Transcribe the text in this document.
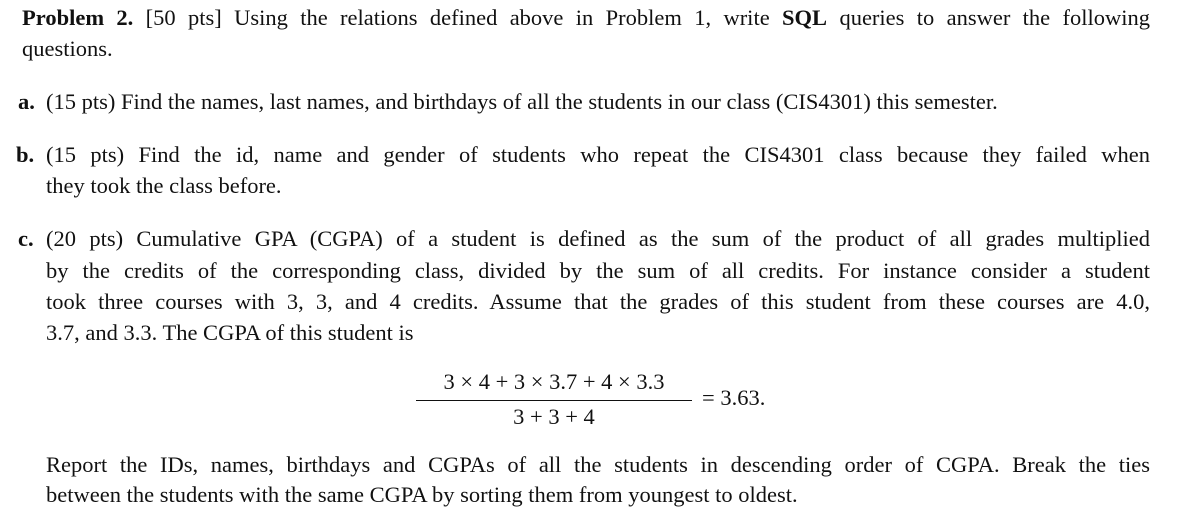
Problem 2. [50 pts] Using the relations defined above in Problem 1, write SQL queries to answer the following
questions.
a. (15 pts) Find the names, last names, and birthdays of all the students in our class (CIS4301) this semester.
b. (15 pts) Find the id, name and gender of students who repeat the CIS4301 class because they failed when
they took the class before.
c. (20 pts) Cumulative GPA (CGPA) of a student is defined as the sum of the product of all grades multiplied
by the credits of the corresponding class, divided by the sum of all credits. For instance consider a student
took three courses with 3, 3, and 4 credits. Assume that the grades of this student from these courses are 4.0,
3.7, and 3.3. The CGPA of this student is
3 × 4 + 3 × 3.7 + 4 × 3.3
3 + 3 + 4
= 3.63.
Report the IDs, names, birthdays and CGPAs of all the students in descending order of CGPA. Break the ties
between the students with the same CGPA by sorting them from youngest to oldest.
